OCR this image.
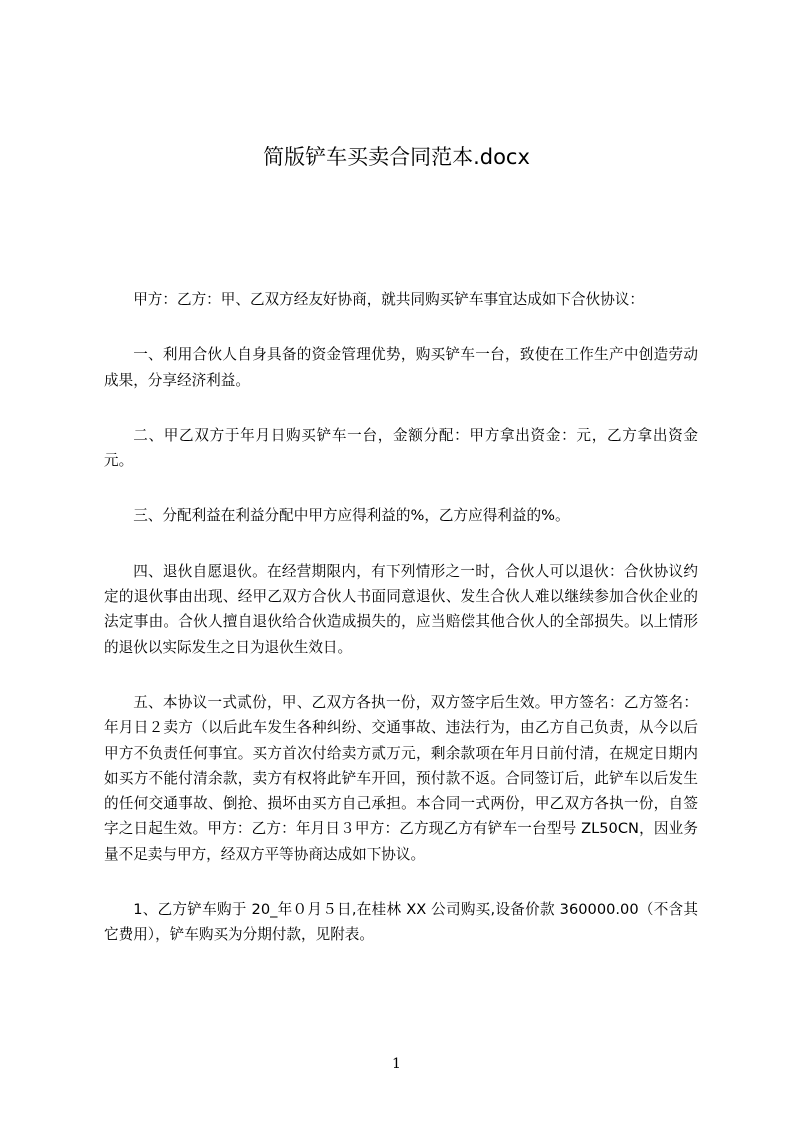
简版铲车买卖合同范本.docx

甲方：乙方：甲、乙双方经友好协商，就共同购买铲车事宜达成如下合伙协议：

一、利用合伙人自身具备的资金管理优势，购买铲车一台，致使在工作生产中创造劳动成果，分享经济利益。

二、甲乙双方于年月日购买铲车一台，金额分配：甲方拿出资金：元，乙方拿出资金元。

三、分配利益在利益分配中甲方应得利益的%，乙方应得利益的%。

四、退伙自愿退伙。在经营期限内，有下列情形之一时，合伙人可以退伙：合伙协议约定的退伙事由出现、经甲乙双方合伙人书面同意退伙、发生合伙人难以继续参加合伙企业的法定事由。合伙人擅自退伙给合伙造成损失的，应当赔偿其他合伙人的全部损失。以上情形的退伙以实际发生之日为退伙生效日。

五、本协议一式贰份，甲、乙双方各执一份，双方签字后生效。甲方签名：乙方签名：年月日２卖方（以后此车发生各种纠纷、交通事故、违法行为，由乙方自己负责，从今以后甲方不负责任何事宜。买方首次付给卖方贰万元，剩余款项在年月日前付清，在规定日期内如买方不能付清余款，卖方有权将此铲车开回，预付款不返。合同签订后，此铲车以后发生的任何交通事故、倒抢、损坏由买方自己承担。本合同一式两份，甲乙双方各执一份，自签字之日起生效。甲方：乙方：年月日３甲方：乙方现乙方有铲车一台型号 ZL50CN，因业务量不足卖与甲方，经双方平等协商达成如下协议。

1、乙方铲车购于 20_年０月５日,在桂林 XX 公司购买,设备价款 360000.00（不含其它费用），铲车购买为分期付款，见附表。

1
